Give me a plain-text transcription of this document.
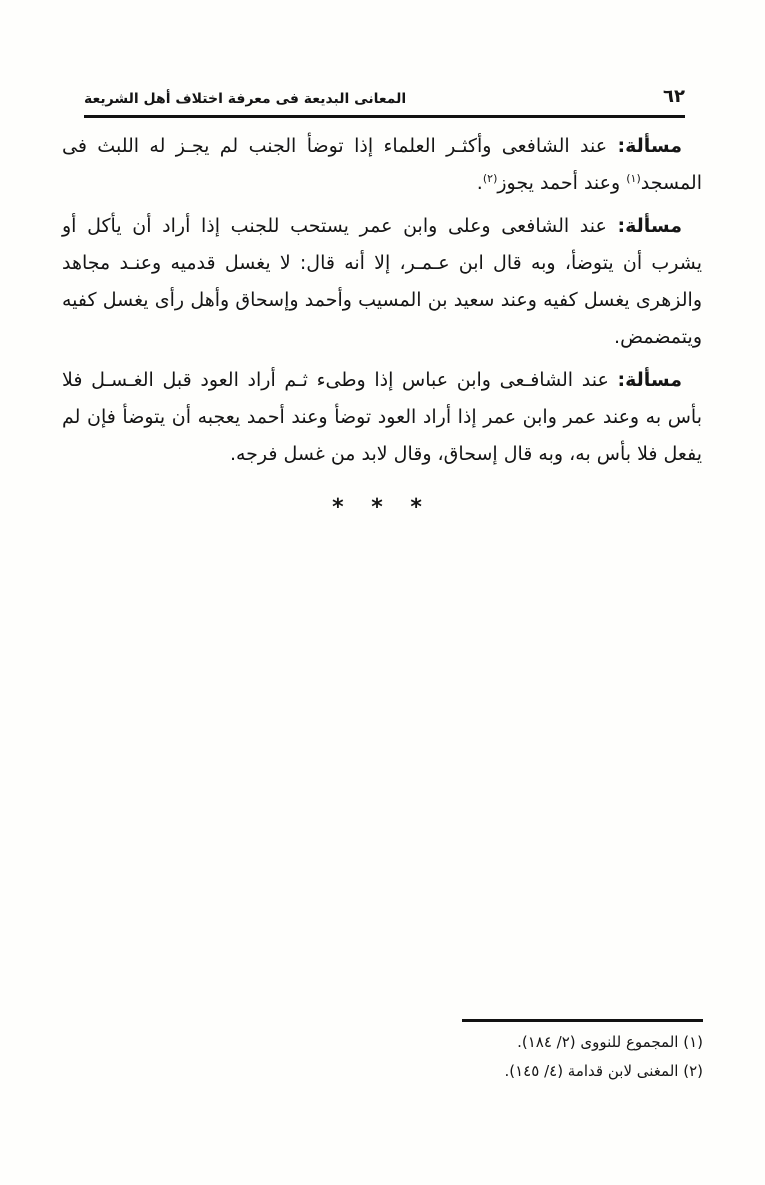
المعانى البديعة فى معرفة اختلاف أهل الشريعة	٦٢

مسألة: عند الشافعى وأكثـر العلماء إذا توضأ الجنب لم يجـز له اللبث فى المسجد$^{(١)}$ وعند أحمد يجوز$^{(٢)}$.

مسألة: عند الشافعى وعلى وابن عمر يستحب للجنب إذا أراد أن يأكل أو يشرب أن يتوضأ، وبه قال ابن عـمـر، إلا أنه قال: لا يغسل قدميه وعنـد مجاهد والزهرى يغسل كفيه وعند سعيد بن المسيب وأحمد وإسحاق وأهل رأى يغسل كفيه ويتمضمض.

مسألة: عند الشافـعى وابن عباس إذا وطىء ثـم أراد العود قبل الغـسـل فلا بأس به وعند عمر وابن عمر إذا أراد العود توضأ وعند أحمد يعجبه أن يتوضأ فإن لم يفعل فلا بأس به، وبه قال إسحاق، وقال لابد من غسل فرجه.

* * *
(١) المجموع للنووى (٢/ ١٨٤).
(٢) المغنى لابن قدامة (٤/ ١٤٥).
